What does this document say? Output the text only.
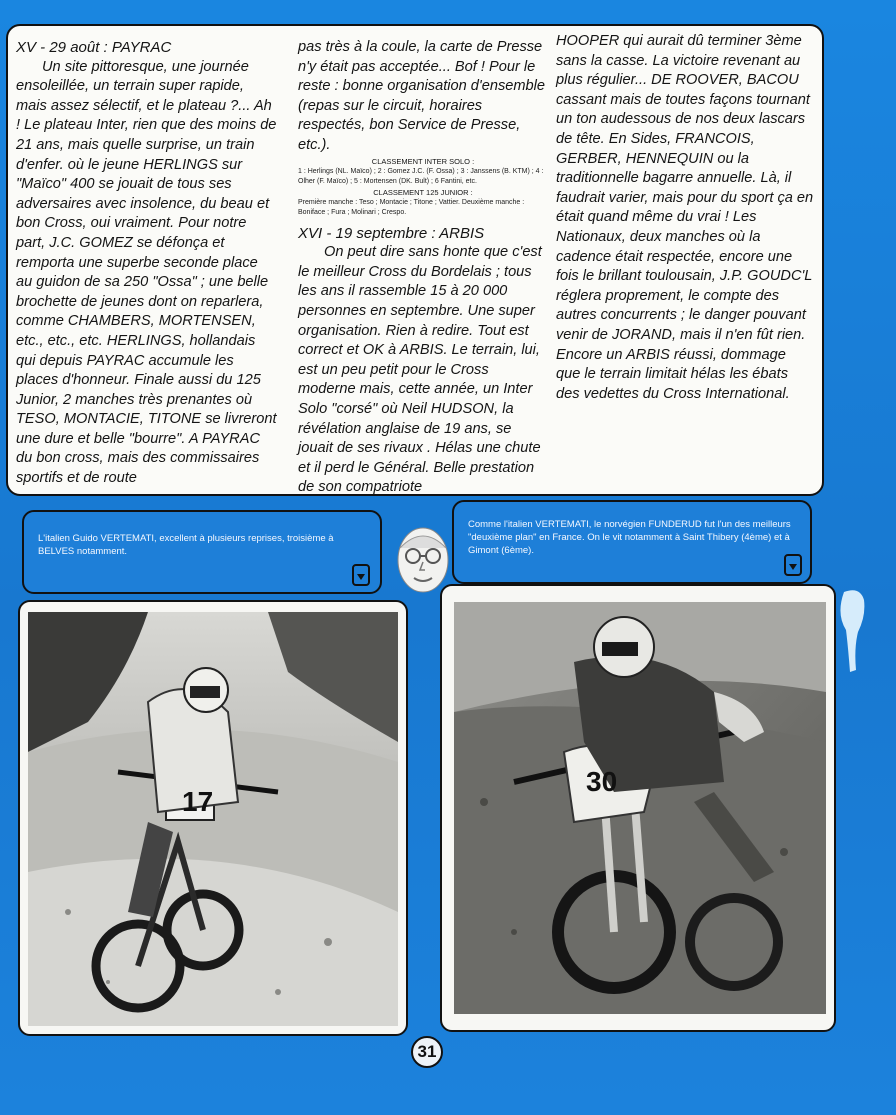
XV - 29 août : PAYRAC

Un site pittoresque, une journée ensoleillée, un terrain super rapide, mais assez sélectif, et le plateau ?... Ah ! Le plateau Inter, rien que des moins de 21 ans, mais quelle surprise, un train d'enfer. où le jeune HERLINGS sur "Maïco" 400 se jouait de tous ses adversaires avec insolence, du beau et bon Cross, oui vraiment. Pour notre part, J.C. GOMEZ se défonça et remporta une superbe seconde place au guidon de sa 250 "Ossa" ; une belle brochette de jeunes dont on reparlera, comme CHAMBERS, MORTENSEN, etc., etc., etc. HERLINGS, hollandais qui depuis PAYRAC accumule les places d'honneur. Finale aussi du 125 Junior, 2 manches très prenantes où TESO, MONTACIE, TITONE se livreront une dure et belle "bourre". A PAYRAC du bon cross, mais des commissaires sportifs et de route

pas très à la coule, la carte de Presse n'y était pas acceptée... Bof ! Pour le reste : bonne organisation d'ensemble (repas sur le circuit, horaires respectés, bon Service de Presse, etc.).

CLASSEMENT INTER SOLO :

1 : Herlings (NL. Maïco) ; 2 : Gomez J.C. (F. Ossa) ; 3 : Janssens (B. KTM) ; 4 : Olher (F. Maïco) ; 5 : Mortensen (DK. Bult) ; 6 Fantini, etc.

CLASSEMENT 125 JUNIOR :

Première manche : Teso ; Montacie ; Titone ; Vattier. Deuxième manche : Boniface ; Fura ; Molinari ; Crespo.

XVI - 19 septembre : ARBIS

On peut dire sans honte que c'est le meilleur Cross du Bordelais ; tous les ans il rassemble 15 à 20 000 personnes en septembre. Une super organisation. Rien à redire. Tout est correct et OK à ARBIS. Le terrain, lui, est un peu petit pour le Cross moderne mais, cette année, un Inter Solo "corsé" où Neil HUDSON, la révélation anglaise de 19 ans, se jouait de ses rivaux . Hélas une chute et il perd le Général. Belle prestation de son compatriote

HOOPER qui aurait dû terminer 3ème sans la casse. La victoire revenant au plus régulier... DE ROOVER, BACOU cassant mais de toutes façons tournant un ton audessous de nos deux lascars de tête. En Sides, FRANCOIS, GERBER, HENNEQUIN ou la traditionnelle bagarre annuelle. Là, il faudrait varier, mais pour du sport ça en était quand même du vrai ! Les Nationaux, deux manches où la cadence était respectée, encore une fois le brillant toulousain, J.P. GOUDC'L réglera proprement, le compte des autres concurrents ; le danger pouvant venir de JORAND, mais il n'en fût rien. Encore un ARBIS réussi, dommage que le terrain limitait hélas les ébats des vedettes du Cross International.

L'italien Guido VERTEMATI, excellent à plusieurs reprises, troisième à BELVES notamment.
Comme l'italien VERTEMATI, le norvégien FUNDERUD fut l'un des meilleurs "deuxième plan" en France. On le vit notamment à Saint Thibery (4ème) et à Gimont (6ème).
17
30
31
